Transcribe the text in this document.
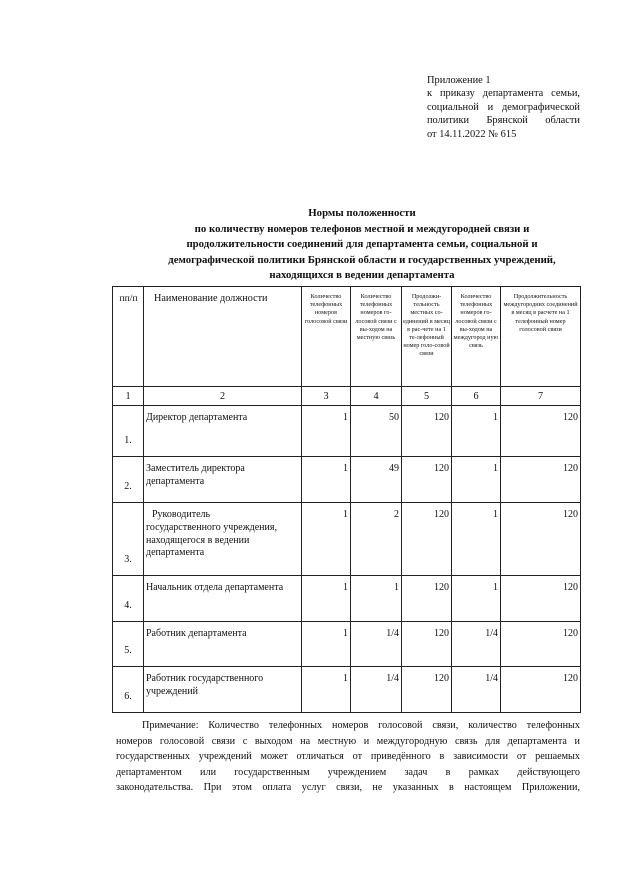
Приложение 1
к приказу департамента семьи,
социальной и демографической
политики Брянской области
от 14.11.2022 № 615
Нормы положенности
по количеству номеров телефонов местной и междугородней связи и
продолжительности соединений для департамента семьи, социальной и
демографической политики Брянской области и государственных учреждений,
находящихся в ведении департамента
пп/п	Наименование должности	Количество телефонных номеров голосовой связи	Количество телефонных номеров го-лосовой связи с вы-ходом на местную связь	Продолжи-тельность местных со-единений в месяц в рас-чете на 1 те-лефонный номер голо-совой связи	Количество телефонных номеров го-лосовой связи с вы-ходом на междугород ную связь	Продолжительность междугородних соединений в месяц в расчете на 1 телефонный номер голосовой связи
1	2	3	4	5	6	7
1.	Директор департамента	1	50	120	1	120
2.	Заместитель директора
департамента	1	49	120	1	120
3.	Руководитель
государственного учреждения,
находящегося в ведении
департамента	1	2	120	1	120
4.	Начальник отдела департамента	1	1	120	1	120
5.	Работник департамента	1	1/4	120	1/4	120
6.	Работник государственного
учреждений	1	1/4	120	1/4	120
Примечание: Количество телефонных номеров голосовой связи, количество телефонных
номеров голосовой связи с выходом на местную и междугородную связь для департамента и
государственных учреждений может отличаться от приведённого в зависимости от решаемых
департаментом или государственным учреждением задач в рамках действующего
законодательства. При этом оплата услуг связи, не указанных в настоящем Приложении,
